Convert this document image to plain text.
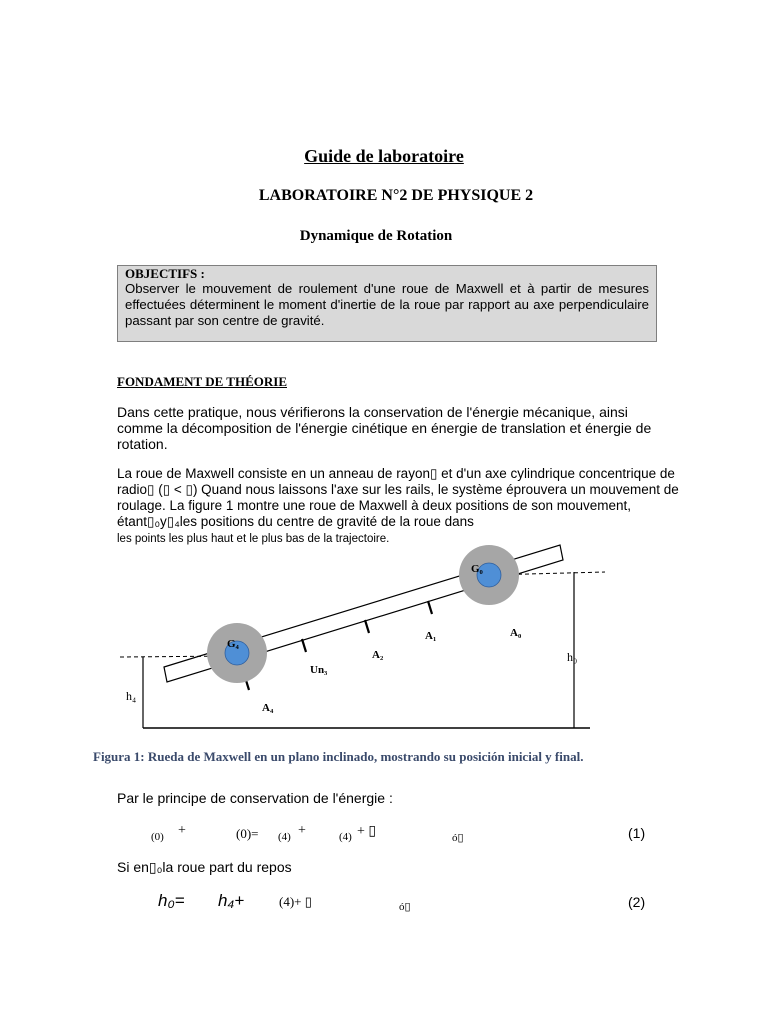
Guide de laboratoire
LABORATOIRE N°2 DE PHYSIQUE 2
Dynamique de Rotation
OBJECTIFS :
Observer le mouvement de roulement d'une roue de Maxwell et à partir de mesures effectuées déterminent le moment d'inertie de la roue par rapport au axe perpendiculaire passant par son centre de gravité.
FONDAMENT DE THÉORIE
Dans cette pratique, nous vérifierons la conservation de l'énergie mécanique, ainsi comme la décomposition de l'énergie cinétique en énergie de translation et énergie de rotation.
La roue de Maxwell consiste en un anneau de rayon▯ et d'un axe cylindrique concentrique de radio▯ (▯ < ▯) Quand nous laissons l'axe sur les rails, le système éprouvera un mouvement de roulage. La figure 1 montre une roue de Maxwell à deux positions de son mouvement, étant▯₀y▯₄les positions du centre de gravité de la roue dans
les points les plus haut et le plus bas de la trajectoire.
G₀
G₄
A₀
A₁
A₂
Un₃
A₄
h₀
h₄
Figura 1: Rueda de Maxwell en un plano inclinado, mostrando su posición inicial y final.
Par le principe de conservation de l'énergie :
(0) +	(0)= (4) +	(4) + ▯	ó▯	(1)
Si en▯₀la roue part du repos
h₀= h₄+	(4)+ ▯	ó▯	(2)
